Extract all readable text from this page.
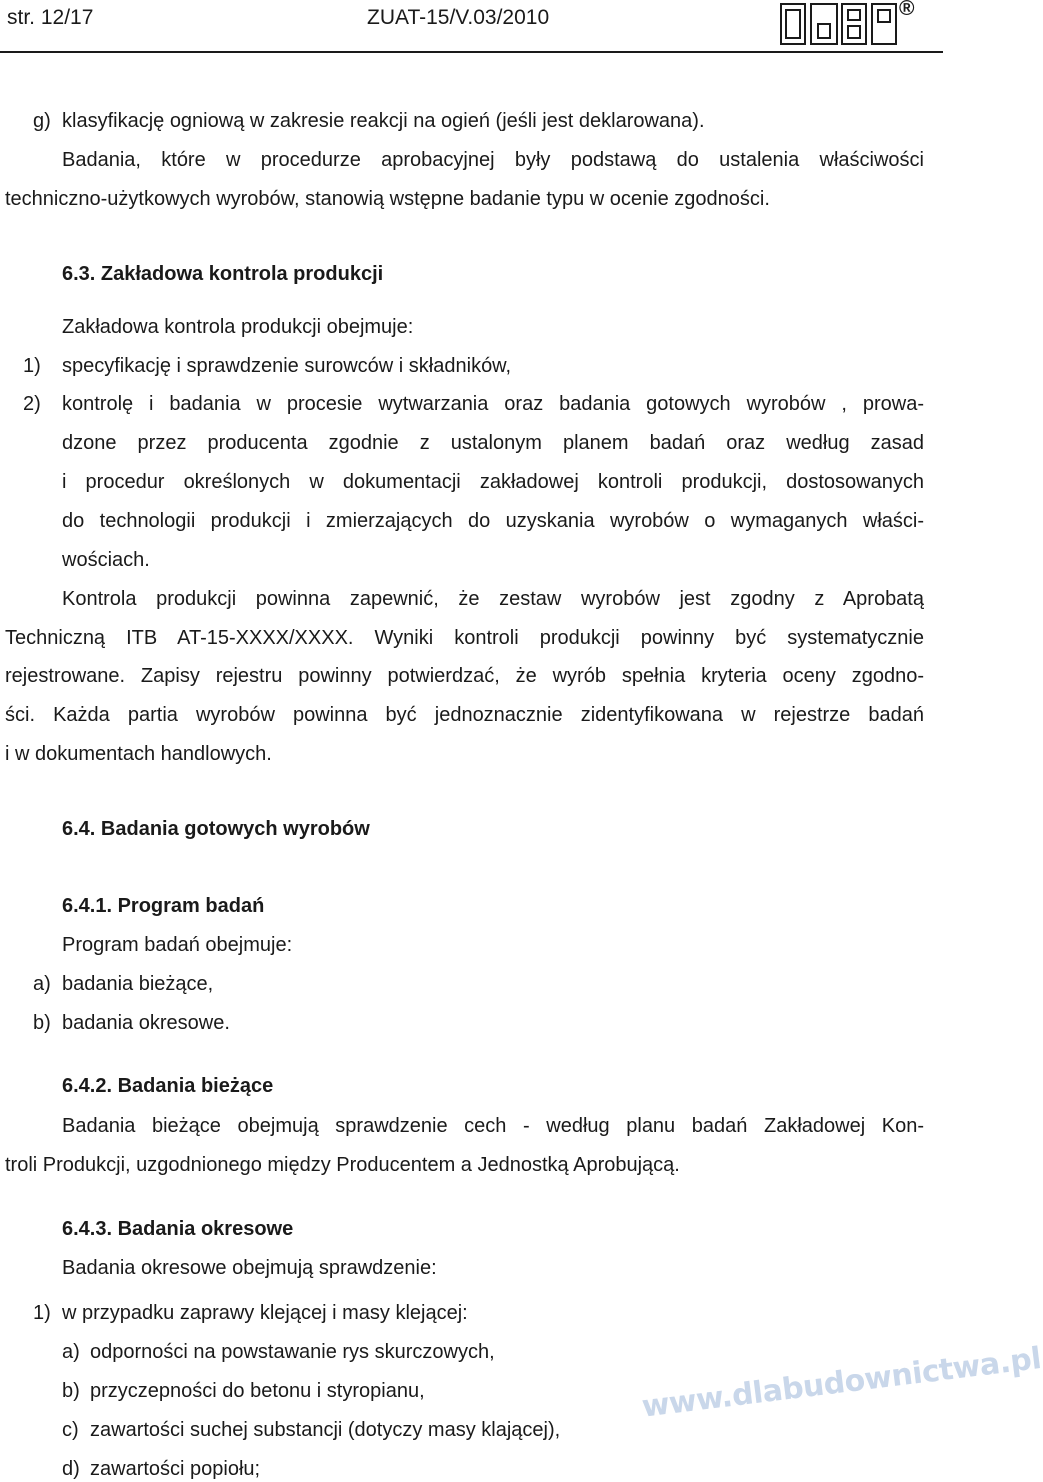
str. 12/17	ZUAT-15/V.03/2010	®
g) klasyfikację ogniową w zakresie reakcji na ogień (jeśli jest deklarowana).
Badania, które w procedurze aprobacyjnej były podstawą do ustalenia właściwości
techniczno-użytkowych wyrobów, stanowią wstępne badanie typu w ocenie zgodności.
6.3. Zakładowa kontrola produkcji
Zakładowa kontrola produkcji obejmuje:
1) specyfikację i sprawdzenie surowców i składników,
2) kontrolę i badania w procesie wytwarzania oraz badania gotowych wyrobów , prowa-
dzone przez producenta zgodnie z ustalonym planem badań oraz według zasad
i procedur określonych w dokumentacji zakładowej kontroli produkcji, dostosowanych
do technologii produkcji i zmierzających do uzyskania wyrobów o wymaganych właści-
wościach.
Kontrola produkcji powinna zapewnić, że zestaw wyrobów jest zgodny z Aprobatą
Techniczną ITB AT-15-XXXX/XXXX. Wyniki kontroli produkcji powinny być systematycznie
rejestrowane. Zapisy rejestru powinny potwierdzać, że wyrób spełnia kryteria oceny zgodno-
ści. Każda partia wyrobów powinna być jednoznacznie zidentyfikowana w rejestrze badań
i w dokumentach handlowych.
6.4. Badania gotowych wyrobów
6.4.1. Program badań
Program badań obejmuje:
a) badania bieżące,
b) badania okresowe.
6.4.2. Badania bieżące
Badania bieżące obejmują sprawdzenie cech - według planu badań Zakładowej Kon-
troli Produkcji, uzgodnionego między Producentem a Jednostką Aprobującą.
6.4.3. Badania okresowe
Badania okresowe obejmują sprawdzenie:
1) w przypadku zaprawy klejącej i masy klejącej:
a) odporności na powstawanie rys skurczowych,
b) przyczepności do betonu i styropianu,
c) zawartości suchej substancji (dotyczy masy klającej),
d) zawartości popiołu;
www.dlabudownictwa.pl
